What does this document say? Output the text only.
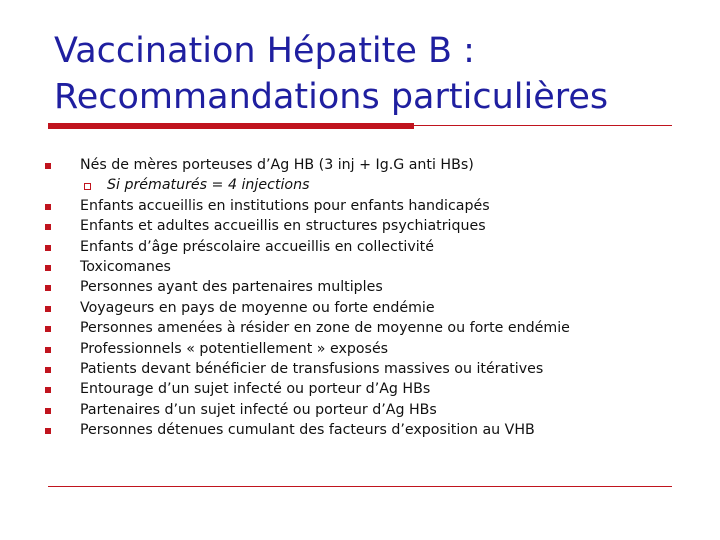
Vaccination Hépatite B :
Recommandations particulières
Nés de mères porteuses d’Ag HB (3 inj + Ig.G anti HBs)
Si prématurés = 4 injections
Enfants accueillis en institutions pour enfants handicapés
Enfants et adultes accueillis en structures psychiatriques
Enfants d’âge préscolaire accueillis en collectivité
Toxicomanes
Personnes ayant des partenaires multiples
Voyageurs en pays de moyenne ou forte endémie
Personnes amenées à résider en zone de moyenne ou forte endémie
Professionnels « potentiellement » exposés
Patients devant bénéficier de transfusions massives ou itératives
Entourage d’un sujet infecté ou porteur d’Ag HBs
Partenaires d’un sujet infecté ou porteur d’Ag HBs
Personnes détenues cumulant des facteurs d’exposition au VHB
